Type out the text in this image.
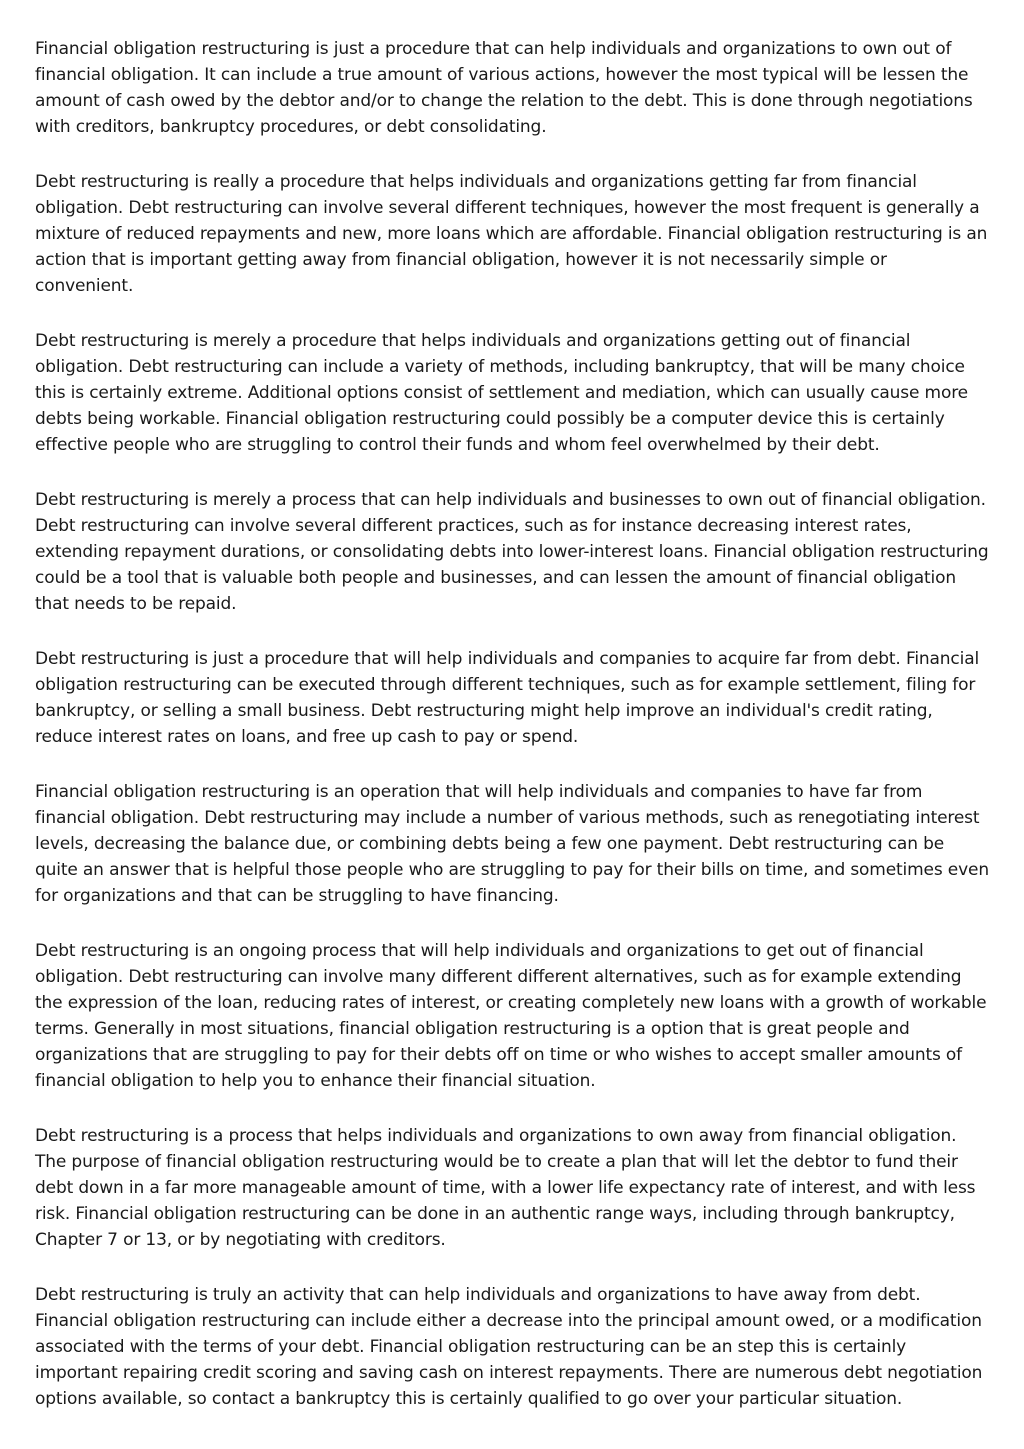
Financial obligation restructuring is just a procedure that can help individuals and organizations to own out of financial obligation. It can include a true amount of various actions, however the most typical will be lessen the amount of cash owed by the debtor and/or to change the relation to the debt. This is done through negotiations with creditors, bankruptcy procedures, or debt consolidating.

Debt restructuring is really a procedure that helps individuals and organizations getting far from financial obligation. Debt restructuring can involve several different techniques, however the most frequent is generally a mixture of reduced repayments and new, more loans which are affordable. Financial obligation restructuring is an action that is important getting away from financial obligation, however it is not necessarily simple or convenient.

Debt restructuring is merely a procedure that helps individuals and organizations getting out of financial obligation. Debt restructuring can include a variety of methods, including bankruptcy, that will be many choice this is certainly extreme. Additional options consist of settlement and mediation, which can usually cause more debts being workable. Financial obligation restructuring could possibly be a computer device this is certainly effective people who are struggling to control their funds and whom feel overwhelmed by their debt.

Debt restructuring is merely a process that can help individuals and businesses to own out of financial obligation. Debt restructuring can involve several different practices, such as for instance decreasing interest rates, extending repayment durations, or consolidating debts into lower-interest loans. Financial obligation restructuring could be a tool that is valuable both people and businesses, and can lessen the amount of financial obligation that needs to be repaid.

Debt restructuring is just a procedure that will help individuals and companies to acquire far from debt. Financial obligation restructuring can be executed through different techniques, such as for example settlement, filing for bankruptcy, or selling a small business. Debt restructuring might help improve an individual's credit rating, reduce interest rates on loans, and free up cash to pay or spend.

Financial obligation restructuring is an operation that will help individuals and companies to have far from financial obligation. Debt restructuring may include a number of various methods, such as renegotiating interest levels, decreasing the balance due, or combining debts being a few one payment. Debt restructuring can be quite an answer that is helpful those people who are struggling to pay for their bills on time, and sometimes even for organizations and that can be struggling to have financing.

Debt restructuring is an ongoing process that will help individuals and organizations to get out of financial obligation. Debt restructuring can involve many different different alternatives, such as for example extending the expression of the loan, reducing rates of interest, or creating completely new loans with a growth of workable terms. Generally in most situations, financial obligation restructuring is a option that is great people and organizations that are struggling to pay for their debts off on time or who wishes to accept smaller amounts of financial obligation to help you to enhance their financial situation.

Debt restructuring is a process that helps individuals and organizations to own away from financial obligation. The purpose of financial obligation restructuring would be to create a plan that will let the debtor to fund their debt down in a far more manageable amount of time, with a lower life expectancy rate of interest, and with less risk. Financial obligation restructuring can be done in an authentic range ways, including through bankruptcy, Chapter 7 or 13, or by negotiating with creditors.

Debt restructuring is truly an activity that can help individuals and organizations to have away from debt. Financial obligation restructuring can include either a decrease into the principal amount owed, or a modification associated with the terms of your debt. Financial obligation restructuring can be an step this is certainly important repairing credit scoring and saving cash on interest repayments. There are numerous debt negotiation options available, so contact a bankruptcy this is certainly qualified to go over your particular situation.
